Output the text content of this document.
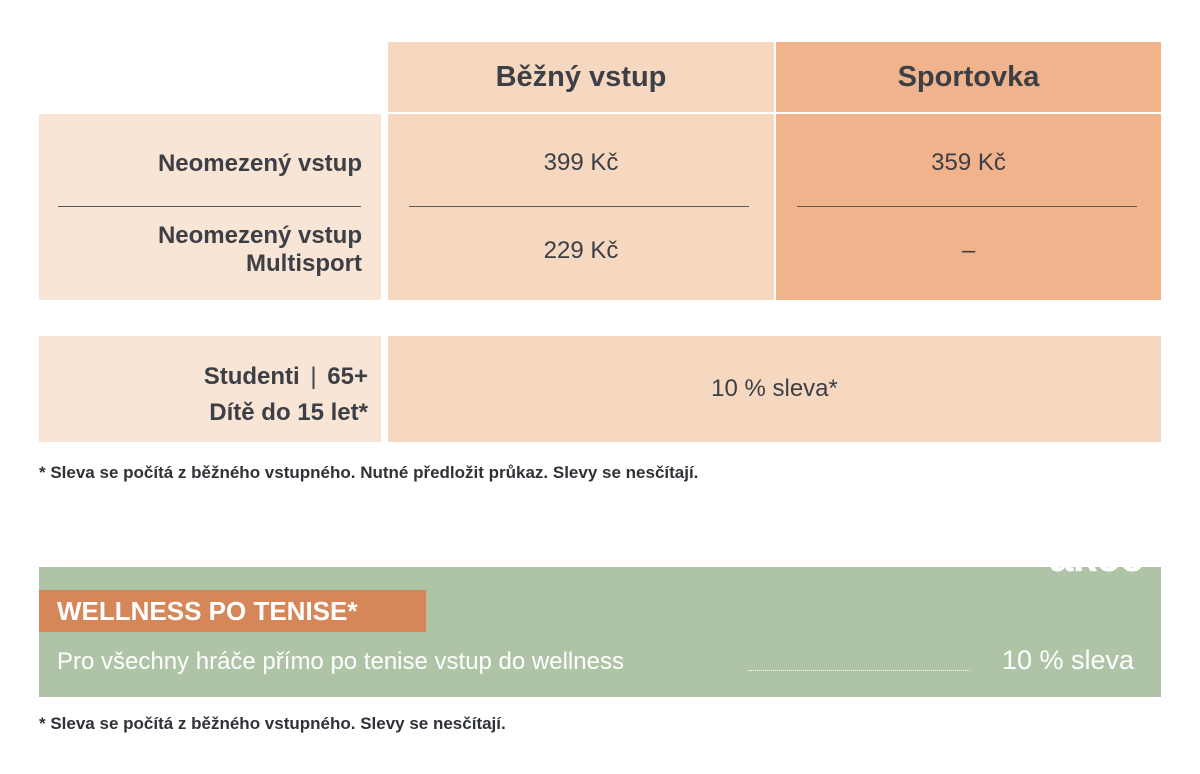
Běžný vstup	Sportovka
Neomezený vstup
Neomezený vstup
Multisport
399 Kč
229 Kč
359 Kč
–
Studenti | 65+
Dítě do 15 let*
10 % sleva*
* Sleva se počítá z běžného vstupného. Nutné předložit průkaz. Slevy se nesčítají.
akce
WELLNESS PO TENISE*
Pro všechny hráče přímo po tenise vstup do wellness	10 % sleva
* Sleva se počítá z běžného vstupného. Slevy se nesčítají.
